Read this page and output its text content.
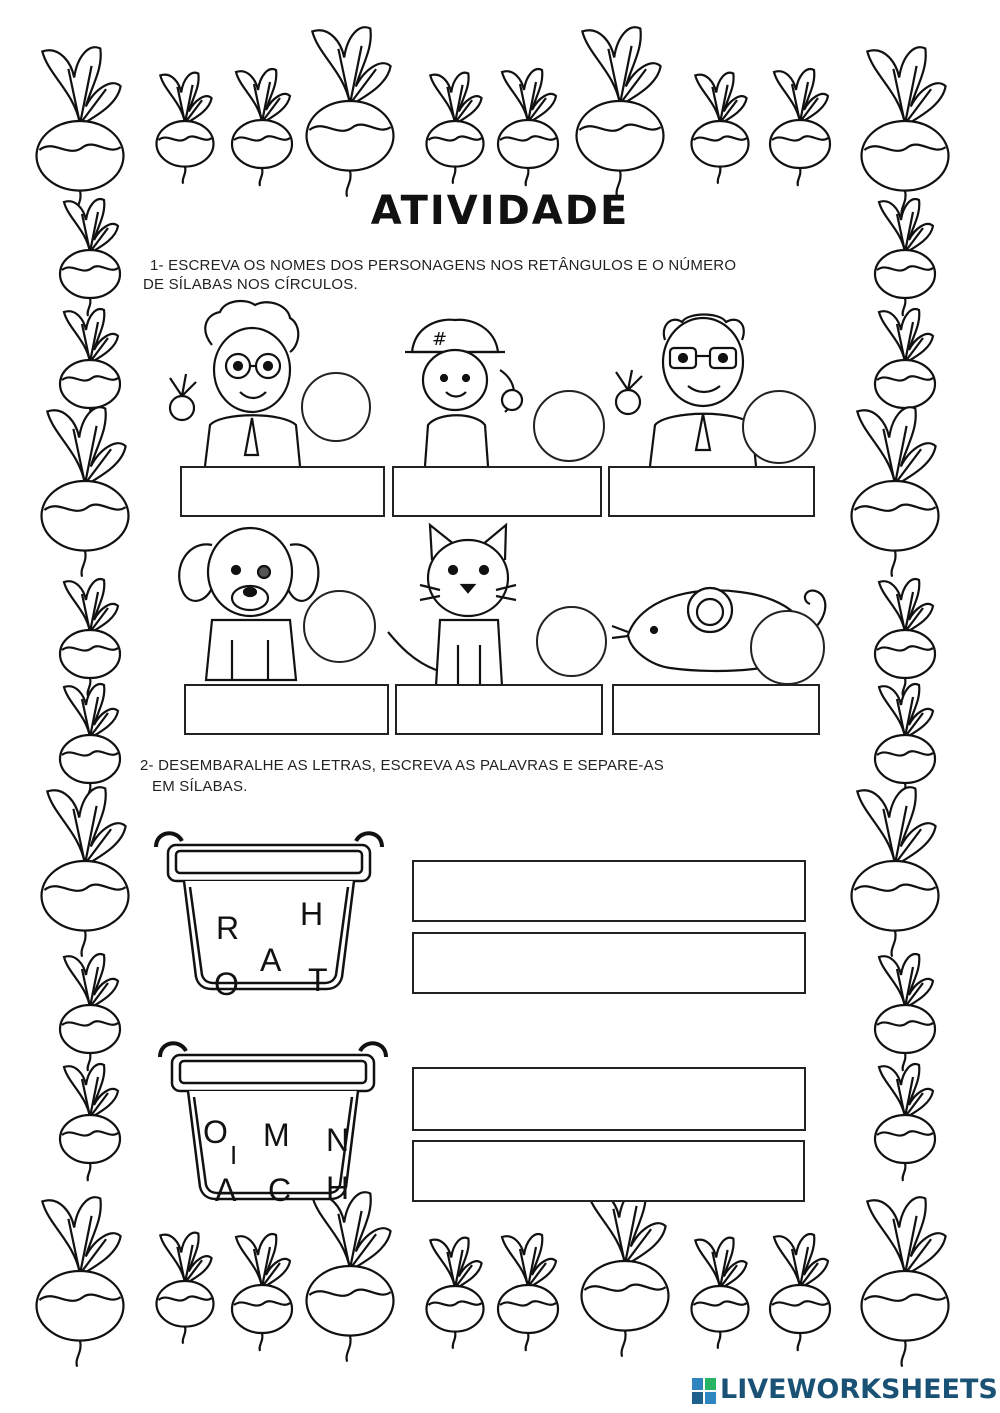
ATIVIDADE
1- ESCREVA OS NOMES DOS PERSONAGENS NOS RETÂNGULOS E O NÚMERO
DE SÍLABAS NOS CÍRCULOS.
#
2- DESEMBARALHE AS LETRAS, ESCREVA AS PALAVRAS E SEPARE-AS
EM SÍLABAS.
R H
A
O T
O M N
I
A C H
LIVEWORKSHEETS
